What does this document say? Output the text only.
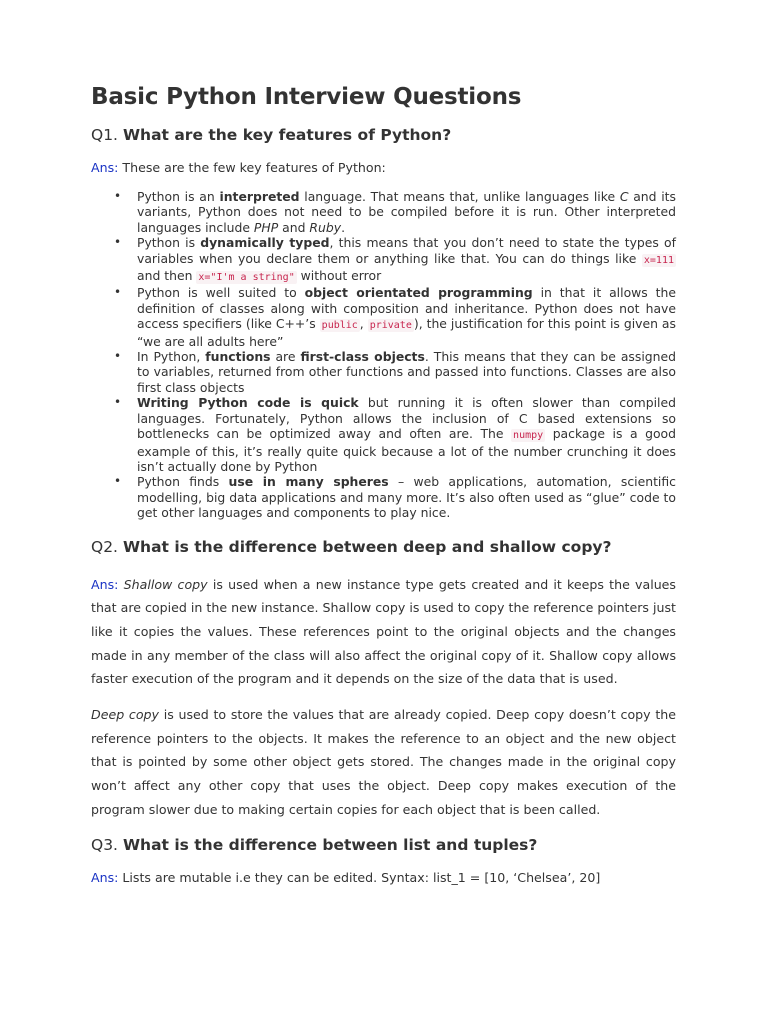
Basic Python Interview Questions
Q1. What are the key features of Python?

Ans: These are the few key features of Python:

• Python is an interpreted language. That means that, unlike languages like C and its variants, Python does not need to be compiled before it is run. Other interpreted languages include PHP and Ruby.
• Python is dynamically typed, this means that you don’t need to state the types of variables when you declare them or anything like that. You can do things like x=111 and then x="I'm a string" without error
• Python is well suited to object orientated programming in that it allows the definition of classes along with composition and inheritance. Python does not have access specifiers (like C++’s public , private ), the justification for this point is given as “we are all adults here”
• In Python, functions are first-class objects. This means that they can be assigned to variables, returned from other functions and passed into functions. Classes are also first class objects
• Writing Python code is quick but running it is often slower than compiled languages. Fortunately, Python allows the inclusion of C based extensions so bottlenecks can be optimized away and often are. The numpy package is a good example of this, it’s really quite quick because a lot of the number crunching it does isn’t actually done by Python
• Python finds use in many spheres – web applications, automation, scientific modelling, big data applications and many more. It’s also often used as “glue” code to get other languages and components to play nice.
Q2. What is the difference between deep and shallow copy?

Ans: Shallow copy is used when a new instance type gets created and it keeps the values that are copied in the new instance. Shallow copy is used to copy the reference pointers just like it copies the values. These references point to the original objects and the changes made in any member of the class will also affect the original copy of it. Shallow copy allows faster execution of the program and it depends on the size of the data that is used.

Deep copy is used to store the values that are already copied. Deep copy doesn’t copy the reference pointers to the objects. It makes the reference to an object and the new object that is pointed by some other object gets stored. The changes made in the original copy won’t affect any other copy that uses the object. Deep copy makes execution of the program slower due to making certain copies for each object that is been called.

Q3. What is the difference between list and tuples?

Ans: Lists are mutable i.e they can be edited. Syntax: list_1 = [10, ‘Chelsea’, 20]
